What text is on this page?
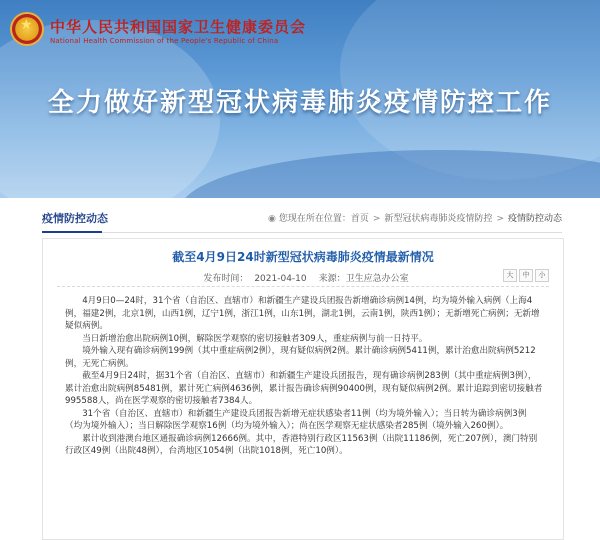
★ 中华人民共和国国家卫生健康委员会
National Health Commission of the People's Republic of China
全力做好新型冠状病毒肺炎疫情防控工作
疫情防控动态	◉ 您现在所在位置：首页 > 新型冠状病毒肺炎疫情防控 > 疫情防控动态
截至4月9日24时新型冠状病毒肺炎疫情最新情况
发布时间： 2021-04-10 来源：卫生应急办公室	大 中 小

4月9日0—24时，31个省（自治区、直辖市）和新疆生产建设兵团报告新增确诊病例14例，均为境外输入病例（上海4例，福建2例，北京1例，山西1例，辽宁1例，浙江1例，山东1例，湖北1例，云南1例，陕西1例）；无新增死亡病例；无新增疑似病例。

当日新增治愈出院病例10例，解除医学观察的密切接触者309人，重症病例与前一日持平。

境外输入现有确诊病例199例（其中重症病例2例），现有疑似病例2例。累计确诊病例5411例，累计治愈出院病例5212例，无死亡病例。

截至4月9日24时，据31个省（自治区、直辖市）和新疆生产建设兵团报告，现有确诊病例283例（其中重症病例3例），累计治愈出院病例85481例，累计死亡病例4636例，累计报告确诊病例90400例，现有疑似病例2例。累计追踪到密切接触者995588人，尚在医学观察的密切接触者7384人。

31个省（自治区、直辖市）和新疆生产建设兵团报告新增无症状感染者11例（均为境外输入）；当日转为确诊病例3例（均为境外输入）；当日解除医学观察16例（均为境外输入）；尚在医学观察无症状感染者285例（境外输入260例）。

累计收到港澳台地区通报确诊病例12666例。其中，香港特别行政区11563例（出院11186例，死亡207例），澳门特别行政区49例（出院48例），台湾地区1054例（出院1018例，死亡10例）。
